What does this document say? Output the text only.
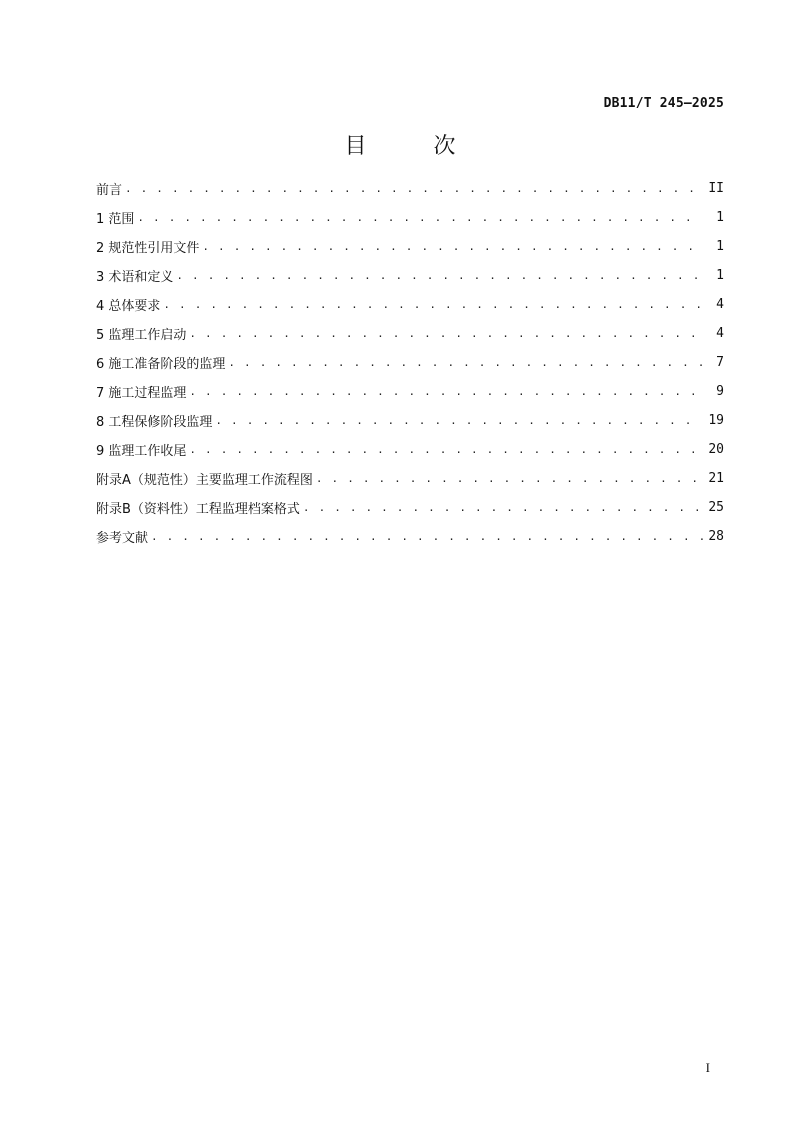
DB11/T 245—2025
目 次
前言 . . .	II
1 范围 . . .	1
2 规范性引用文件 . . .	1
3 术语和定义 . . .	1
4 总体要求 . . .	4
5 监理工作启动 . . .	4
6 施工准备阶段的监理 . . .	7
7 施工过程监理 . . .	9
8 工程保修阶段监理 . . .	19
9 监理工作收尾 . . .	20
附录A（规范性）主要监理工作流程图 . . .	21
附录B（资料性）工程监理档案格式 . . .	25
参考文献 . . .	28
I
